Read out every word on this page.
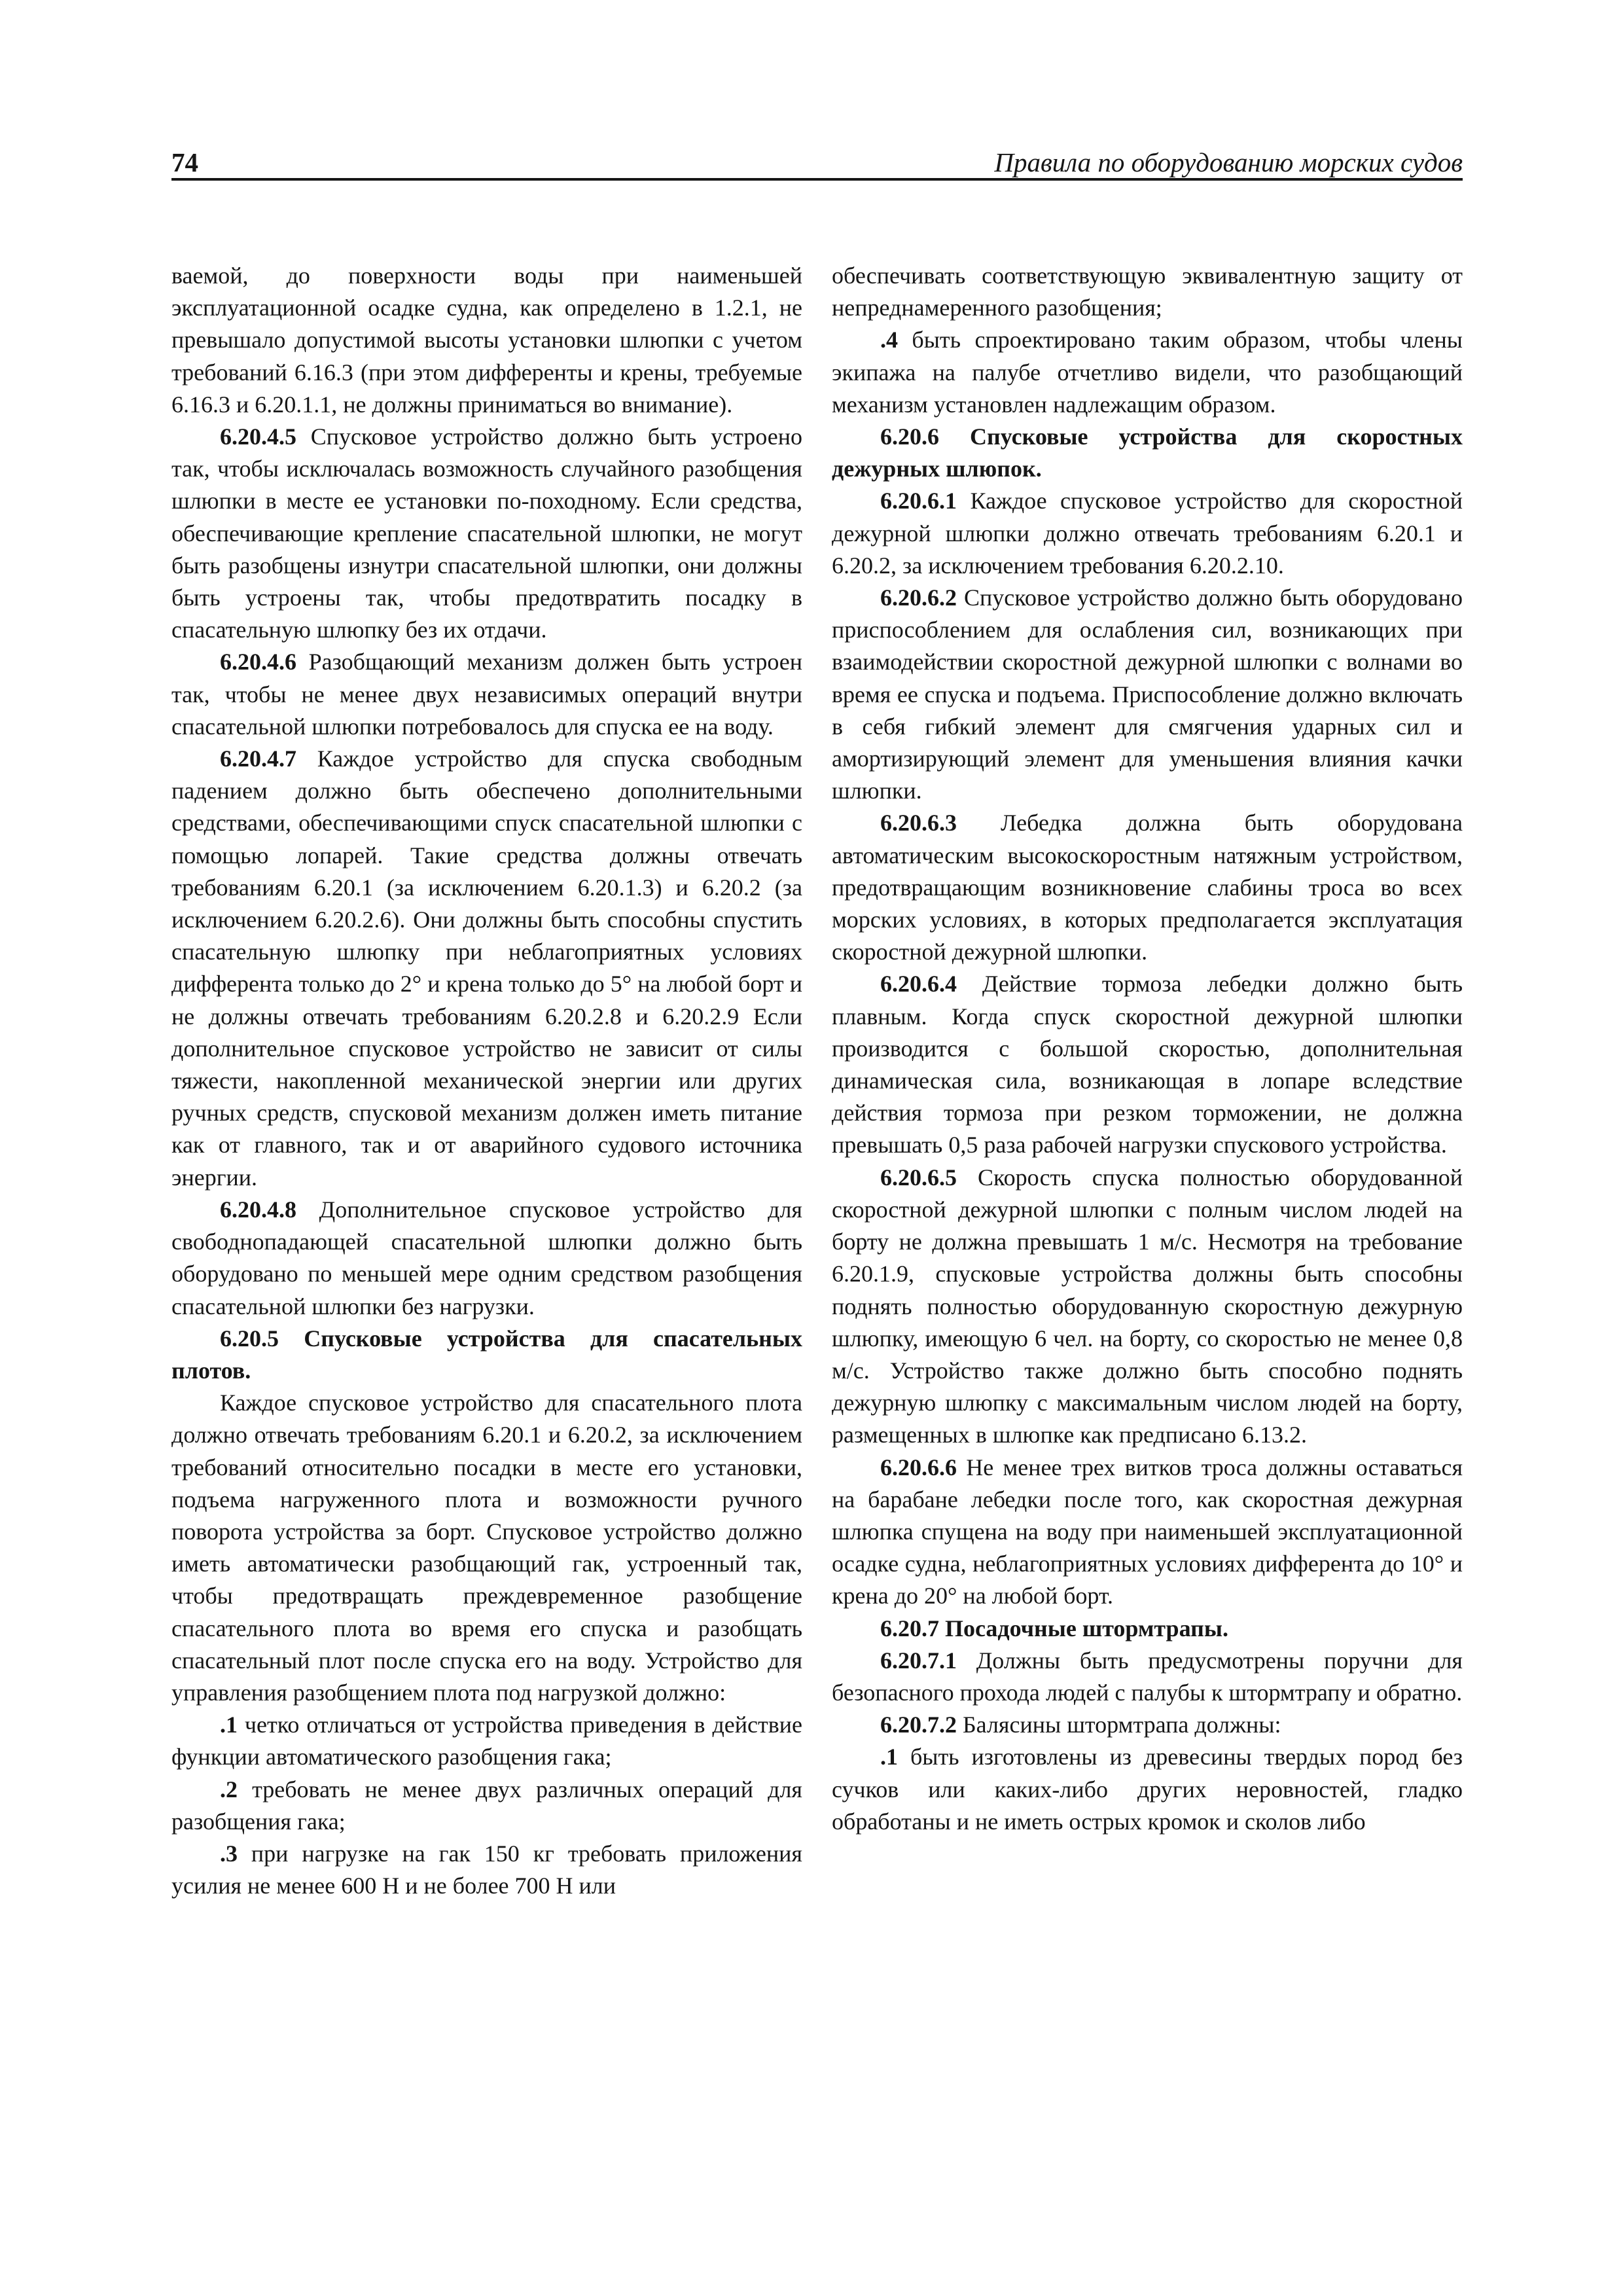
74	Правила по оборудованию морских судов

ваемой, до поверхности воды при наименьшей эксплуатационной осадке судна, как определено в 1.2.1, не превышало допустимой высоты установки шлюпки с учетом требований 6.16.3 (при этом дифференты и крены, требуемые 6.16.3 и 6.20.1.1, не должны приниматься во внимание).

6.20.4.5 Спусковое устройство должно быть устроено так, чтобы исключалась возможность случайного разобщения шлюпки в месте ее установки по-походному. Если средства, обеспечивающие крепление спасательной шлюпки, не могут быть разобщены изнутри спасательной шлюпки, они должны быть устроены так, чтобы предотвратить посадку в спасательную шлюпку без их отдачи.

6.20.4.6 Разобщающий механизм должен быть устроен так, чтобы не менее двух независимых операций внутри спасательной шлюпки потребовалось для спуска ее на воду.

6.20.4.7 Каждое устройство для спуска свободным падением должно быть обеспечено дополнительными средствами, обеспечивающими спуск спасательной шлюпки с помощью лопарей. Такие средства должны отвечать требованиям 6.20.1 (за исключением 6.20.1.3) и 6.20.2 (за исключением 6.20.2.6). Они должны быть способны спустить спасательную шлюпку при неблагоприятных условиях дифферента только до 2° и крена только до 5° на любой борт и не должны отвечать требованиям 6.20.2.8 и 6.20.2.9 Если дополнительное спусковое устройство не зависит от силы тяжести, накопленной механической энергии или других ручных средств, спусковой механизм должен иметь питание как от главного, так и от аварийного судового источника энергии.

6.20.4.8 Дополнительное спусковое устройство для свободнопадающей спасательной шлюпки должно быть оборудовано по меньшей мере одним средством разобщения спасательной шлюпки без нагрузки.

6.20.5 Спусковые устройства для спасательных плотов.

Каждое спусковое устройство для спасательного плота должно отвечать требованиям 6.20.1 и 6.20.2, за исключением требований относительно посадки в месте его установки, подъема нагруженного плота и возможности ручного поворота устройства за борт. Спусковое устройство должно иметь автоматически разобщающий гак, устроенный так, чтобы предотвращать преждевременное разобщение спасательного плота во время его спуска и разобщать спасательный плот после спуска его на воду. Устройство для управления разобщением плота под нагрузкой должно:

.1 четко отличаться от устройства приведения в действие функции автоматического разобщения гака;

.2 требовать не менее двух различных операций для разобщения гака;

.3 при нагрузке на гак 150 кг требовать приложения усилия не менее 600 Н и не более 700 Н или

обеспечивать соответствующую эквивалентную защиту от непреднамеренного разобщения;

.4 быть спроектировано таким образом, чтобы члены экипажа на палубе отчетливо видели, что разобщающий механизм установлен надлежащим образом.

6.20.6 Спусковые устройства для скоростных дежурных шлюпок.

6.20.6.1 Каждое спусковое устройство для скоростной дежурной шлюпки должно отвечать требованиям 6.20.1 и 6.20.2, за исключением требования 6.20.2.10.

6.20.6.2 Спусковое устройство должно быть оборудовано приспособлением для ослабления сил, возникающих при взаимодействии скоростной дежурной шлюпки с волнами во время ее спуска и подъема. Приспособление должно включать в себя гибкий элемент для смягчения ударных сил и амортизирующий элемент для уменьшения влияния качки шлюпки.

6.20.6.3 Лебедка должна быть оборудована автоматическим высокоскоростным натяжным устройством, предотвращающим возникновение слабины троса во всех морских условиях, в которых предполагается эксплуатация скоростной дежурной шлюпки.

6.20.6.4 Действие тормоза лебедки должно быть плавным. Когда спуск скоростной дежурной шлюпки производится с большой скоростью, дополнительная динамическая сила, возникающая в лопаре вследствие действия тормоза при резком торможении, не должна превышать 0,5 раза рабочей нагрузки спускового устройства.

6.20.6.5 Скорость спуска полностью оборудованной скоростной дежурной шлюпки с полным числом людей на борту не должна превышать 1 м/с. Несмотря на требование 6.20.1.9, спусковые устройства должны быть способны поднять полностью оборудованную скоростную дежурную шлюпку, имеющую 6 чел. на борту, со скоростью не менее 0,8 м/с. Устройство также должно быть способно поднять дежурную шлюпку с максимальным числом людей на борту, размещенных в шлюпке как предписано 6.13.2.

6.20.6.6 Не менее трех витков троса должны оставаться на барабане лебедки после того, как скоростная дежурная шлюпка спущена на воду при наименьшей эксплуатационной осадке судна, неблагоприятных условиях дифферента до 10° и крена до 20° на любой борт.

6.20.7 Посадочные штормтрапы.

6.20.7.1 Должны быть предусмотрены поручни для безопасного прохода людей с палубы к штормтрапу и обратно.

6.20.7.2 Балясины штормтрапа должны:

.1 быть изготовлены из древесины твердых пород без сучков или каких-либо других неровностей, гладко обработаны и не иметь острых кромок и сколов либо
